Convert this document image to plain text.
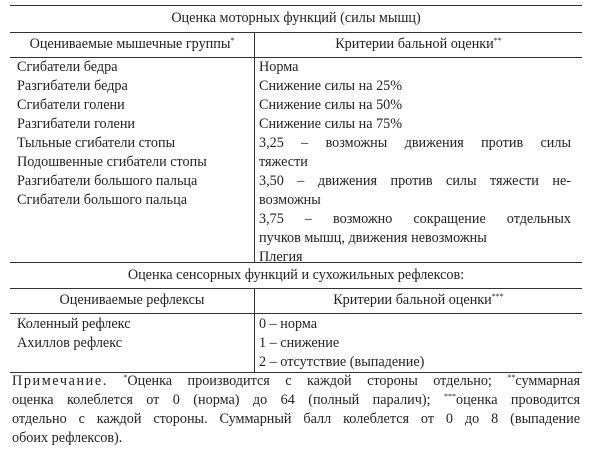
Оценка моторных функций (силы мышц)
Оцениваемые мышечные группы*	Критерии бальной оценки**
Сгибатели бедра
Разгибатели бедра
Сгибатели голени
Разгибатели голени
Тыльные сгибатели стопы
Подошвенные сгибатели стопы
Разгибатели большого пальца
Сгибатели большого пальца
Норма
Снижение силы на 25%
Снижение силы на 50%
Снижение силы на 75%
3,25 – возможны движения против силы
тяжести
3,50 – движения против силы тяжести не-
возможны
3,75 – возможно сокращение отдельных
пучков мышц, движения невозможны
Плегия
Оценка сенсорных функций и сухожильных рефлексов:
Оцениваемые рефлексы	Критерии бальной оценки***
Коленный рефлекс
Ахиллов рефлекс
0 – норма
1 – снижение
2 – отсутствие (выпадение)

Примечание. *Оценка производится с каждой стороны отдельно; **суммарная

оценка колеблется от 0 (норма) до 64 (полный паралич); ***оценка проводится

отдельно с каждой стороны. Суммарный балл колеблется от 0 до 8 (выпадение

обоих рефлексов).
